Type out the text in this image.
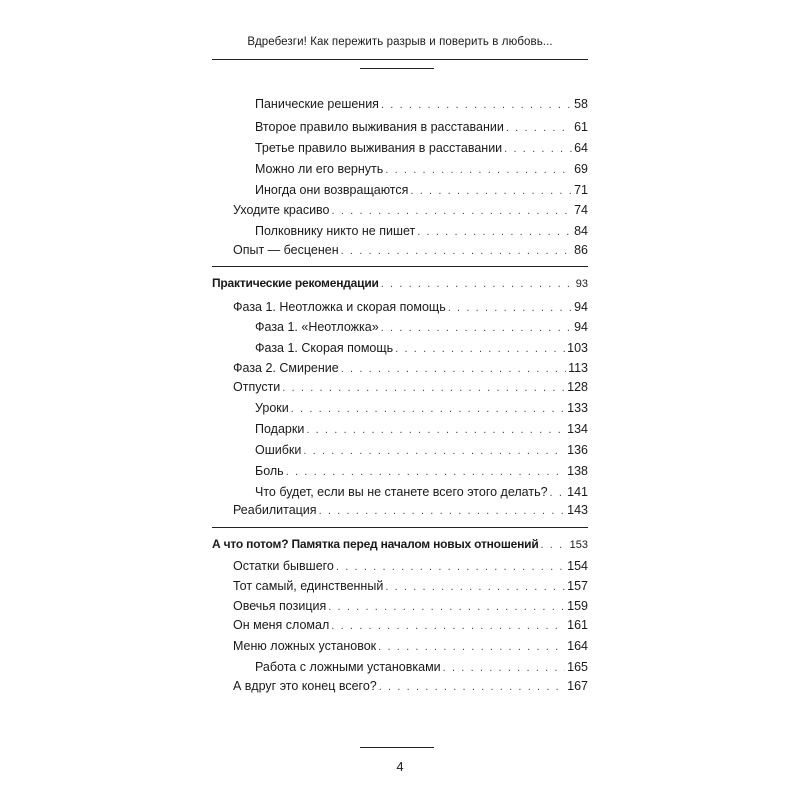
Вдребезги! Как пережить разрыв и поверить в любовь...
Панические решения . . .	58
Второе правило выживания в расставании . . .	61
Третье правило выживания в расставании . . .	64
Можно ли его вернуть . . .	69
Иногда они возвращаются . . .	71
Уходите красиво . . .	74
Полковнику никто не пишет . . .	84
Опыт — бесценен . . .	86
Практические рекомендации . . .	93
Фаза 1. Неотложка и скорая помощь . . .	94
Фаза 1. «Неотложка» . . .	94
Фаза 1. Скорая помощь . . .	103
Фаза 2. Смирение . . .	113
Отпусти . . .	128
Уроки . . .	133
Подарки . . .	134
Ошибки . . .	136
Боль . . .	138
Что будет, если вы не станете всего этого делать? . . . 141
Реабилитация . . .	143
А что потом? Памятка перед началом новых отношений . . .	153
Остатки бывшего . . .	154
Тот самый, единственный . . .	157
Овечья позиция . . .	159
Он меня сломал . . .	161
Меню ложных установок . . .	164
Работа с ложными установками . . .	165
А вдруг это конец всего? . . .	167
4
